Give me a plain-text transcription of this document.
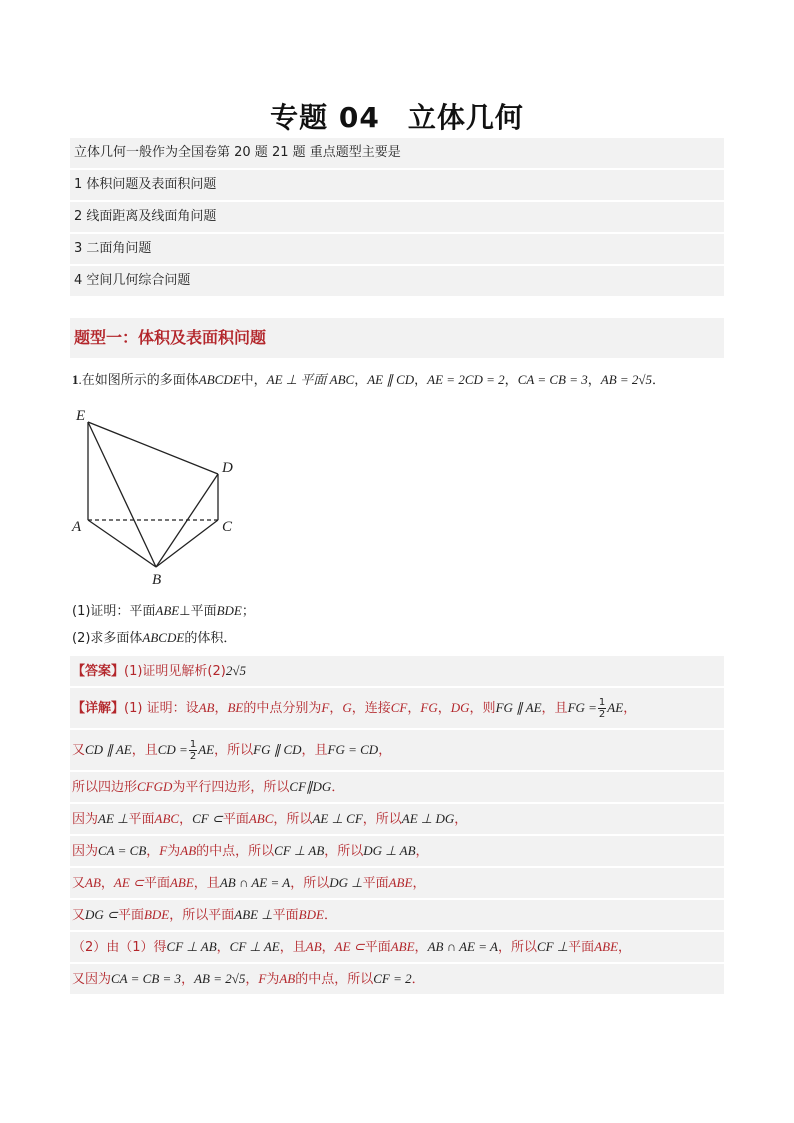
专题 04 立体几何
立体几何一般作为全国卷第 20 题 21 题 重点题型主要是
1 体积问题及表面积问题
2 线面距离及线面角问题
3 二面角问题
4 空间几何综合问题
题型一：体积及表面积问题
1.在如图所示的多面体ABCDE中，AE ⊥ 平面 ABC，AE ∥ CD，AE = 2CD = 2，CA = CB = 3，AB = 2√5．
E
D
A	C
B
(1)证明：平面ABE⊥平面BDE；
(2)求多面体ABCDE的体积．
【答案】(1)证明见解析(2)2√5
【详解】(1) 证明：设AB，BE的中点分别为F，G，连接CF，FG，DG，则FG ∥ AE，且FG = $\frac{1}{2}$ AE，
又CD ∥ AE，且CD = $\frac{1}{2}$ AE，所以FG ∥ CD，且FG = CD，
所以四边形CFGD为平行四边形，所以CF∥DG．
因为AE ⊥平面ABC，CF ⊂平面ABC，所以AE ⊥ CF，所以AE ⊥ DG，
因为CA = CB，F为AB的中点，所以CF ⊥ AB，所以DG ⊥ AB，
又AB，AE ⊂平面ABE，且AB ∩ AE = A，所以DG ⊥平面ABE，
又DG ⊂平面BDE，所以平面ABE ⊥平面BDE．
（2）由（1）得CF ⊥ AB，CF ⊥ AE，且AB，AE ⊂平面ABE，AB ∩ AE = A，所以CF ⊥平面ABE，
又因为CA = CB = 3，AB = 2√5，F为AB的中点，所以CF = 2．
